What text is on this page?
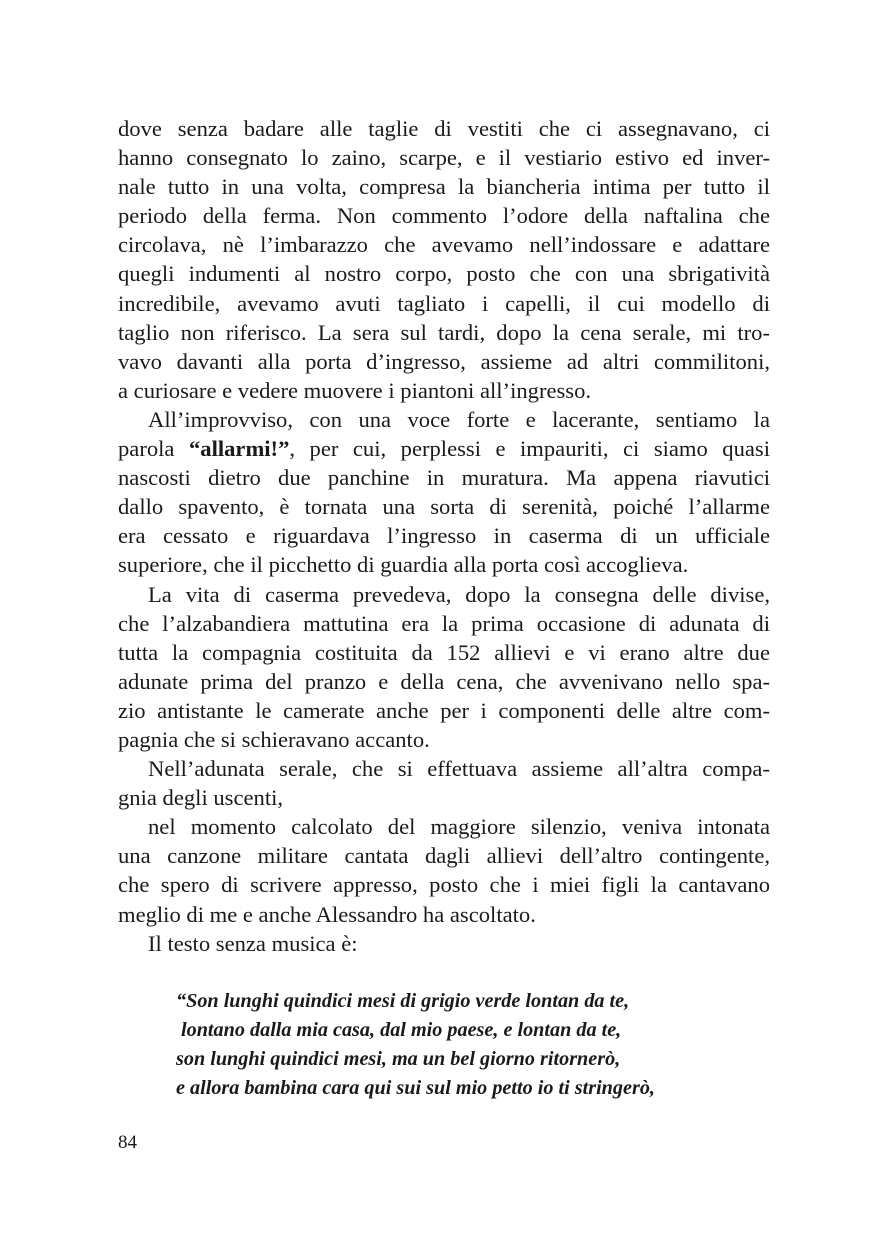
dove senza badare alle taglie di vestiti che ci assegnavano, ci
hanno consegnato lo zaino, scarpe, e il vestiario estivo ed inver-
nale tutto in una volta, compresa la biancheria intima per tutto il
periodo della ferma. Non commento l’odore della naftalina che
circolava, nè l’imbarazzo che avevamo nell’indossare e adattare
quegli indumenti al nostro corpo, posto che con una sbrigatività
incredibile, avevamo avuti tagliato i capelli, il cui modello di
taglio non riferisco. La sera sul tardi, dopo la cena serale, mi tro-
vavo davanti alla porta d’ingresso, assieme ad altri commilitoni,
a curiosare e vedere muovere i piantoni all’ingresso.

All’improvviso, con una voce forte e lacerante, sentiamo la
parola “allarmi!”, per cui, perplessi e impauriti, ci siamo quasi
nascosti dietro due panchine in muratura. Ma appena riavutici
dallo spavento, è tornata una sorta di serenità, poiché l’allarme
era cessato e riguardava l’ingresso in caserma di un ufficiale
superiore, che il picchetto di guardia alla porta così accoglieva.

La vita di caserma prevedeva, dopo la consegna delle divise,
che l’alzabandiera mattutina era la prima occasione di adunata di
tutta la compagnia costituita da 152 allievi e vi erano altre due
adunate prima del pranzo e della cena, che avvenivano nello spa-
zio antistante le camerate anche per i componenti delle altre com-
pagnia che si schieravano accanto.

Nell’adunata serale, che si effettuava assieme all’altra compa-
gnia degli uscenti,

nel momento calcolato del maggiore silenzio, veniva intonata
una canzone militare cantata dagli allievi dell’altro contingente,
che spero di scrivere appresso, posto che i miei figli la cantavano
meglio di me e anche Alessandro ha ascoltato.

Il testo senza musica è:

“Son lunghi quindici mesi di grigio verde lontan da te,
lontano dalla mia casa, dal mio paese, e lontan da te,
son lunghi quindici mesi, ma un bel giorno ritornerò,
e allora bambina cara qui sui sul mio petto io ti stringerò,
84
